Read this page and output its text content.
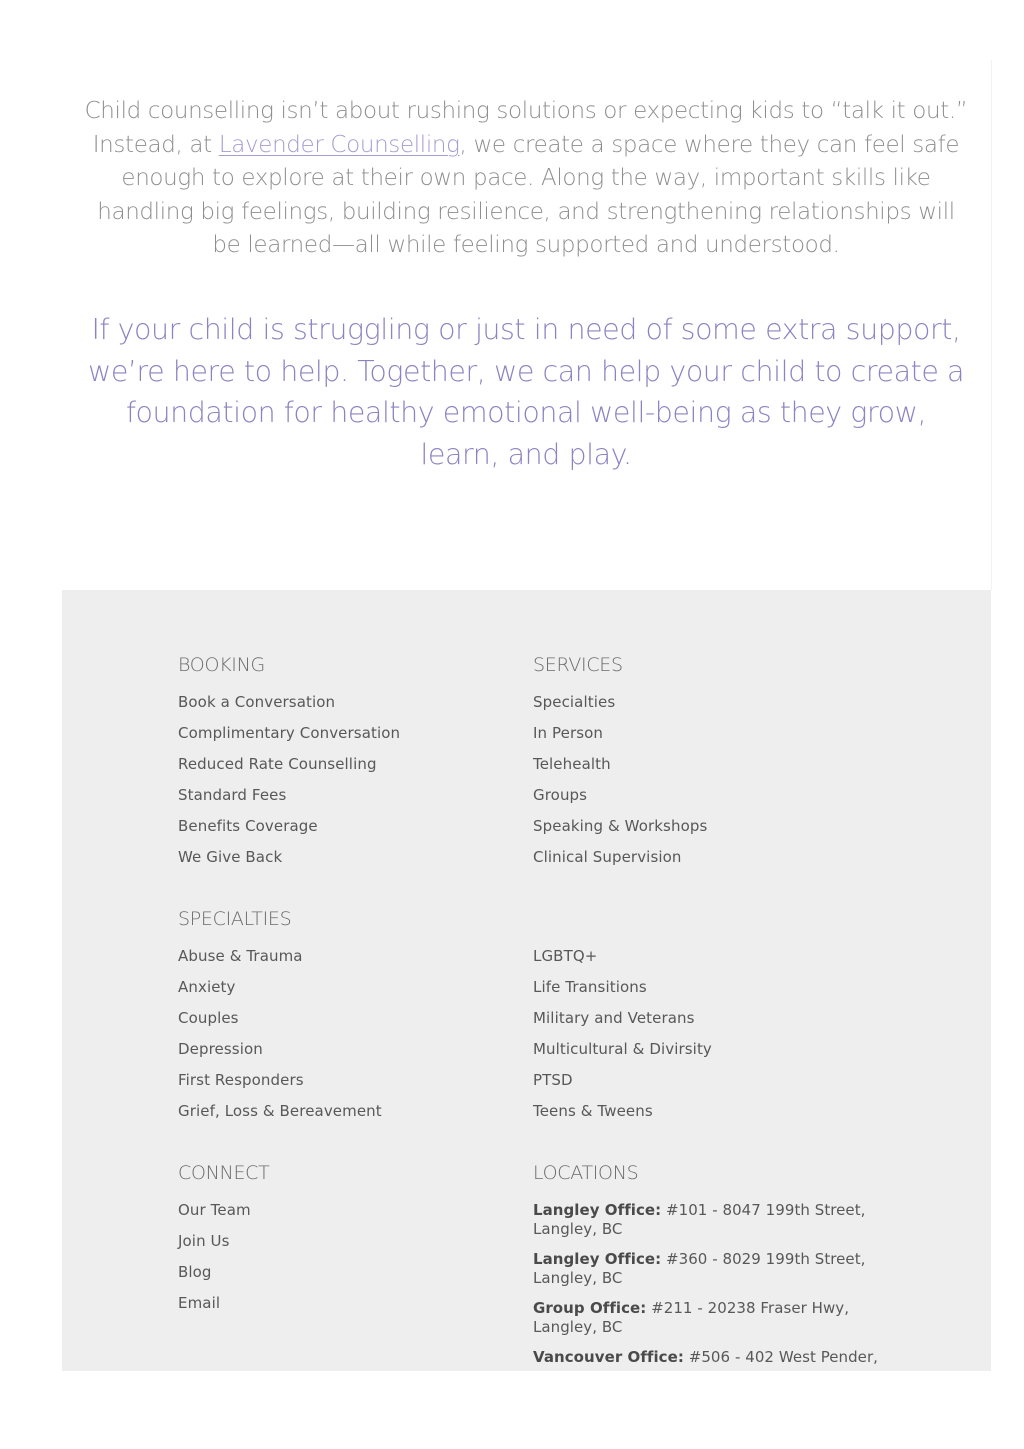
Child counselling isn’t about rushing solutions or expecting kids to “talk it out.” Instead, at Lavender Counselling, we create a space where they can feel safe enough to explore at their own pace. Along the way, important skills like handling big feelings, building resilience, and strengthening relationships will be learned—all while feeling supported and understood.

If your child is struggling or just in need of some extra support, we’re here to help. Together, we can help your child to create a foundation for healthy emotional well-being as they grow, learn, and play.

BOOKING
Book a Conversation
Complimentary Conversation
Reduced Rate Counselling
Standard Fees
Benefits Coverage
We Give Back
SERVICES
Specialties
In Person
Telehealth
Groups
Speaking & Workshops
Clinical Supervision
SPECIALTIES
Abuse & Trauma
Anxiety
Couples
Depression
First Responders
Grief, Loss & Bereavement
LGBTQ+
Life Transitions
Military and Veterans
Multicultural & Divirsity
PTSD
Teens & Tweens
CONNECT
Our Team
Join Us
Blog
Email
LOCATIONS
Langley Office: #101 - 8047 199th Street, Langley, BC
Langley Office: #360 - 8029 199th Street, Langley, BC
Group Office: #211 - 20238 Fraser Hwy, Langley, BC
Vancouver Office: #506 - 402 West Pender,
